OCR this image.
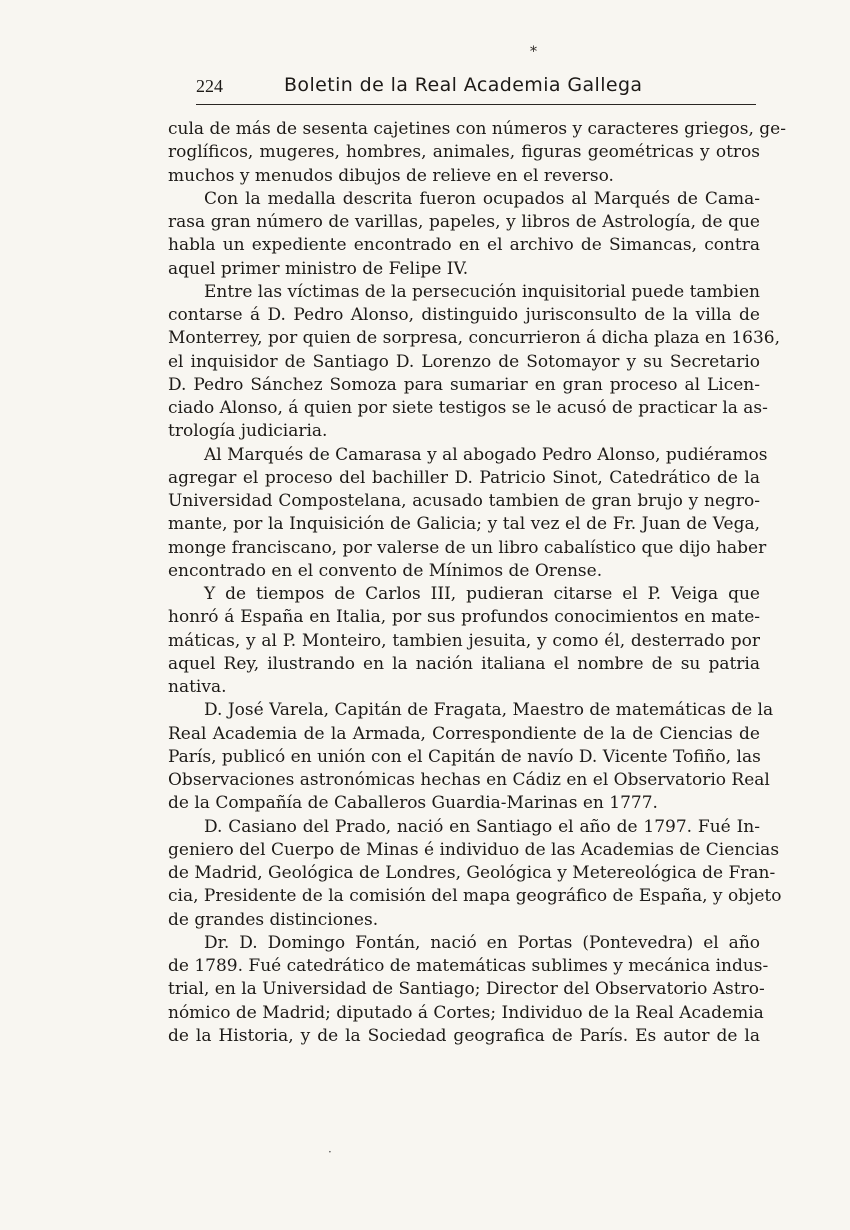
*
224	Boletin de la Real Academia Gallega
cula de más de sesenta cajetines con números y caracteres griegos, ge-
roglíficos, mugeres, hombres, animales, figuras geométricas y otros
muchos y menudos dibujos de relieve en el reverso.
Con la medalla descrita fueron ocupados al Marqués de Cama-
rasa gran número de varillas, papeles, y libros de Astrología, de que
habla un expediente encontrado en el archivo de Simancas, contra
aquel primer ministro de Felipe IV.
Entre las víctimas de la persecución inquisitorial puede tambien
contarse á D. Pedro Alonso, distinguido jurisconsulto de la villa de
Monterrey, por quien de sorpresa, concurrieron á dicha plaza en 1636,
el inquisidor de Santiago D. Lorenzo de Sotomayor y su Secretario
D. Pedro Sánchez Somoza para sumariar en gran proceso al Licen-
ciado Alonso, á quien por siete testigos se le acusó de practicar la as-
trología judiciaria.
Al Marqués de Camarasa y al abogado Pedro Alonso, pudiéramos
agregar el proceso del bachiller D. Patricio Sinot, Catedrático de la
Universidad Compostelana, acusado tambien de gran brujo y negro-
mante, por la Inquisición de Galicia; y tal vez el de Fr. Juan de Vega,
monge franciscano, por valerse de un libro cabalístico que dijo haber
encontrado en el convento de Mínimos de Orense.
Y de tiempos de Carlos III, pudieran citarse el P. Veiga que
honró á España en Italia, por sus profundos conocimientos en mate-
máticas, y al P. Monteiro, tambien jesuita, y como él, desterrado por
aquel Rey, ilustrando en la nación italiana el nombre de su patria
nativa.
D. José Varela, Capitán de Fragata, Maestro de matemáticas de la
Real Academia de la Armada, Correspondiente de la de Ciencias de
París, publicó en unión con el Capitán de navío D. Vicente Tofiño, las
Observaciones astronómicas hechas en Cádiz en el Observatorio Real
de la Compañía de Caballeros Guardia-Marinas en 1777.
D. Casiano del Prado, nació en Santiago el año de 1797. Fué In-
geniero del Cuerpo de Minas é individuo de las Academias de Ciencias
de Madrid, Geológica de Londres, Geológica y Metereológica de Fran-
cia, Presidente de la comisión del mapa geográfico de España, y objeto
de grandes distinciones.
Dr. D. Domingo Fontán, nació en Portas (Pontevedra) el año
de 1789. Fué catedrático de matemáticas sublimes y mecánica indus-
trial, en la Universidad de Santiago; Director del Observatorio Astro-
nómico de Madrid; diputado á Cortes; Individuo de la Real Academia
de la Historia, y de la Sociedad geografica de París. Es autor de la
·
